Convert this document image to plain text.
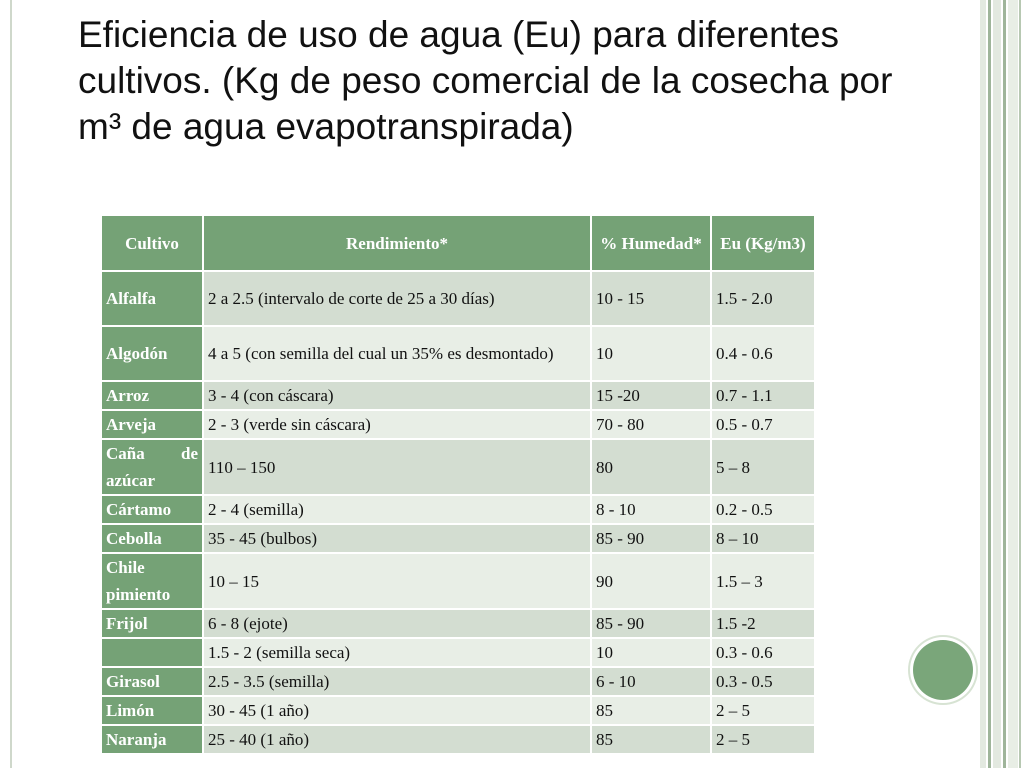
Eficiencia de uso de agua (Eu) para diferentes cultivos. (Kg de peso comercial de la cosecha por m³ de agua evapotranspirada)
Cultivo	Rendimiento*	% Humedad*	Eu (Kg/m3)
Alfalfa	2 a 2.5 (intervalo de corte de 25 a 30 días)	10 - 15	1.5 - 2.0
Algodón	4 a 5 (con semilla del cual un 35% es desmontado)	10	0.4 - 0.6
Arroz	3 - 4 (con cáscara)	15 -20	0.7 - 1.1
Arveja	2 - 3 (verde sin cáscara)	70 - 80	0.5 - 0.7
Caña de azúcar	110 – 150	80	5 – 8
Cártamo	2 - 4 (semilla)	8 - 10	0.2 - 0.5
Cebolla	35 - 45 (bulbos)	85 - 90	8 – 10
Chile pimiento	10 – 15	90	1.5 – 3
Frijol	6 - 8 (ejote)	85 - 90	1.5 -2
	1.5 - 2 (semilla seca)	10	0.3 - 0.6
Girasol	2.5 - 3.5 (semilla)	6 - 10	0.3 - 0.5
Limón	30 - 45 (1 año)	85	2 – 5
Naranja	25 - 40 (1 año)	85	2 – 5
